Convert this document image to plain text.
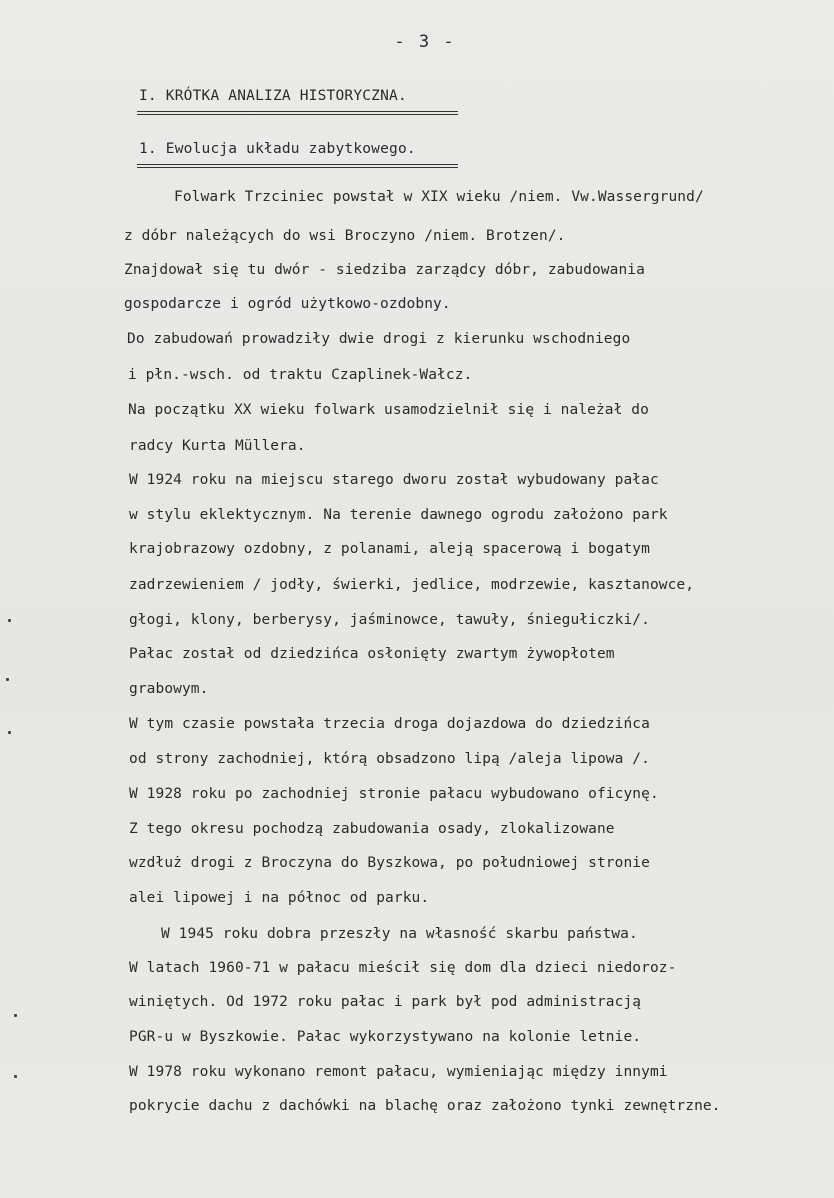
- 3 -
I. KRÓTKA ANALIZA HISTORYCZNA.
1. Ewolucja układu zabytkowego.
Folwark Trzciniec powstał w XIX wieku /niem. Vw.Wassergrund/
z dóbr należących do wsi Broczyno /niem. Brotzen/.
Znajdował się tu dwór - siedziba zarządcy dóbr, zabudowania
gospodarcze i ogród użytkowo-ozdobny.
Do zabudowań prowadziły dwie drogi z kierunku wschodniego
i płn.-wsch. od traktu Czaplinek-Wałcz.
Na początku XX wieku folwark usamodzielnił się i należał do
radcy Kurta Müllera.
W 1924 roku na miejscu starego dworu został wybudowany pałac
w stylu eklektycznym. Na terenie dawnego ogrodu założono park
krajobrazowy ozdobny, z polanami, aleją spacerową i bogatym
zadrzewieniem / jodły, świerki, jedlice, modrzewie, kasztanowce,
głogi, klony, berberysy, jaśminowce, tawuły, śniegułiczki/.
Pałac został od dziedzińca osłonięty zwartym żywopłotem
grabowym.
W tym czasie powstała trzecia droga dojazdowa do dziedzińca
od strony zachodniej, którą obsadzono lipą /aleja lipowa /.
W 1928 roku po zachodniej stronie pałacu wybudowano oficynę.
Z tego okresu pochodzą zabudowania osady, zlokalizowane
wzdłuż drogi z Broczyna do Byszkowa, po południowej stronie
alei lipowej i na północ od parku.
W 1945 roku dobra przeszły na własność skarbu państwa.
W latach 1960-71 w pałacu mieścił się dom dla dzieci niedoroz-
winiętych. Od 1972 roku pałac i park był pod administracją
PGR-u w Byszkowie. Pałac wykorzystywano na kolonie letnie.
W 1978 roku wykonano remont pałacu, wymieniając między innymi
pokrycie dachu z dachówki na blachę oraz założono tynki zewnętrzne.
